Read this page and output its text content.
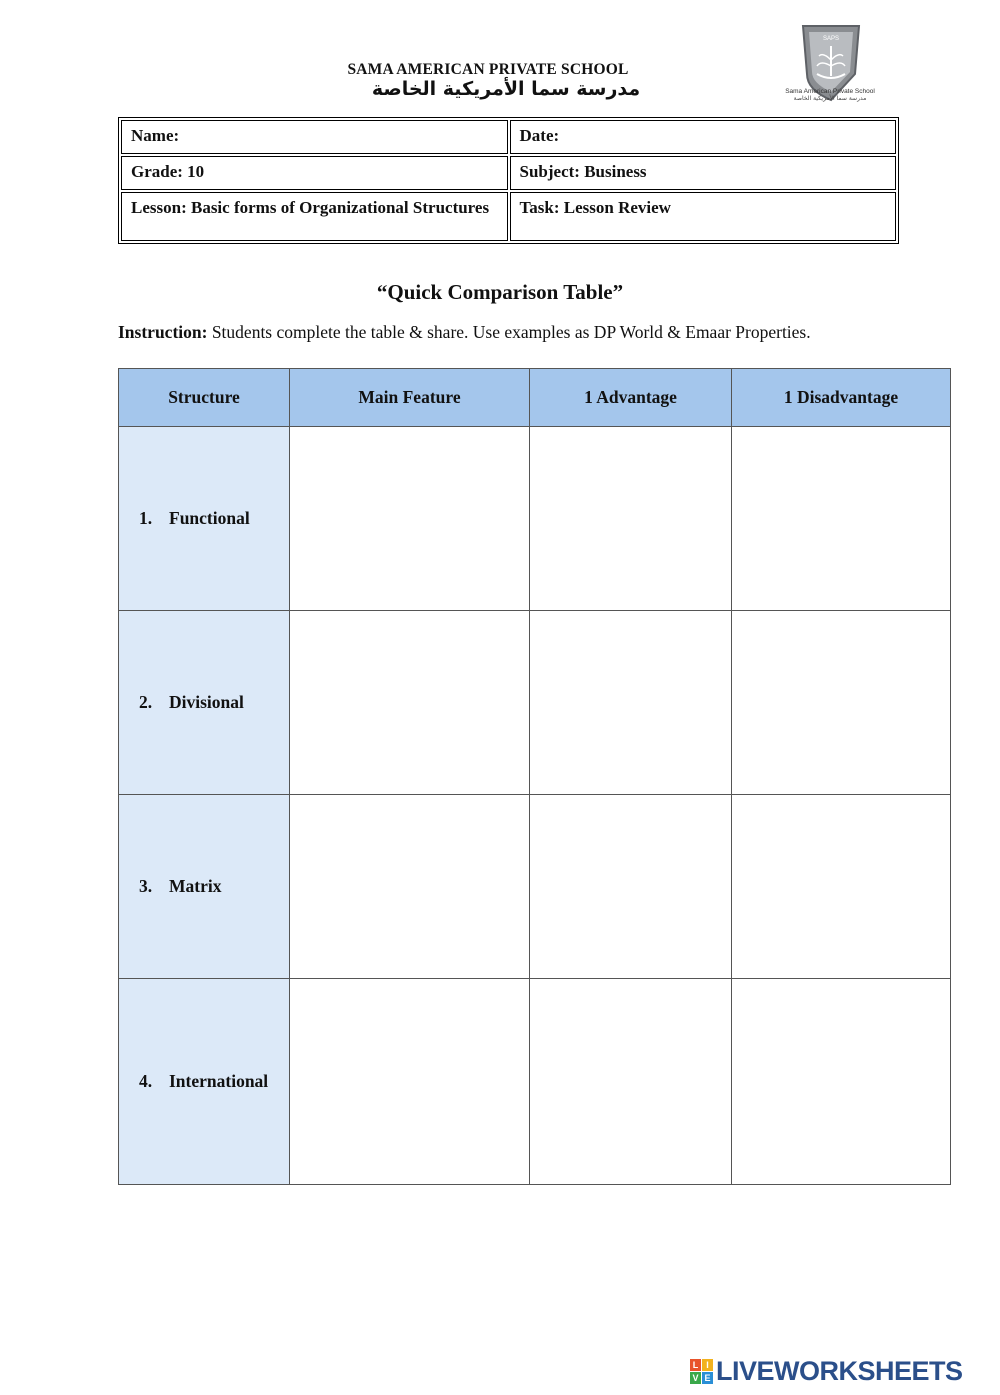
SAMA AMERICAN PRIVATE SCHOOL
مدرسة سما الأمريكية الخاصة
SAPS
Sama American Private School
مدرسة سما الأمريكية الخاصة
Name:	Date:
Grade: 10	Subject: Business
Lesson: Basic forms of Organizational Structures	Task: Lesson Review
“Quick Comparison Table”
Instruction: Students complete the table & share. Use examples as DP World & Emaar Properties.
Structure	Main Feature	1 Advantage	1 Disadvantage
1. Functional			
2. Divisional			
3. Matrix			
4. International			
L I
V E LIVEWORKSHEETS
